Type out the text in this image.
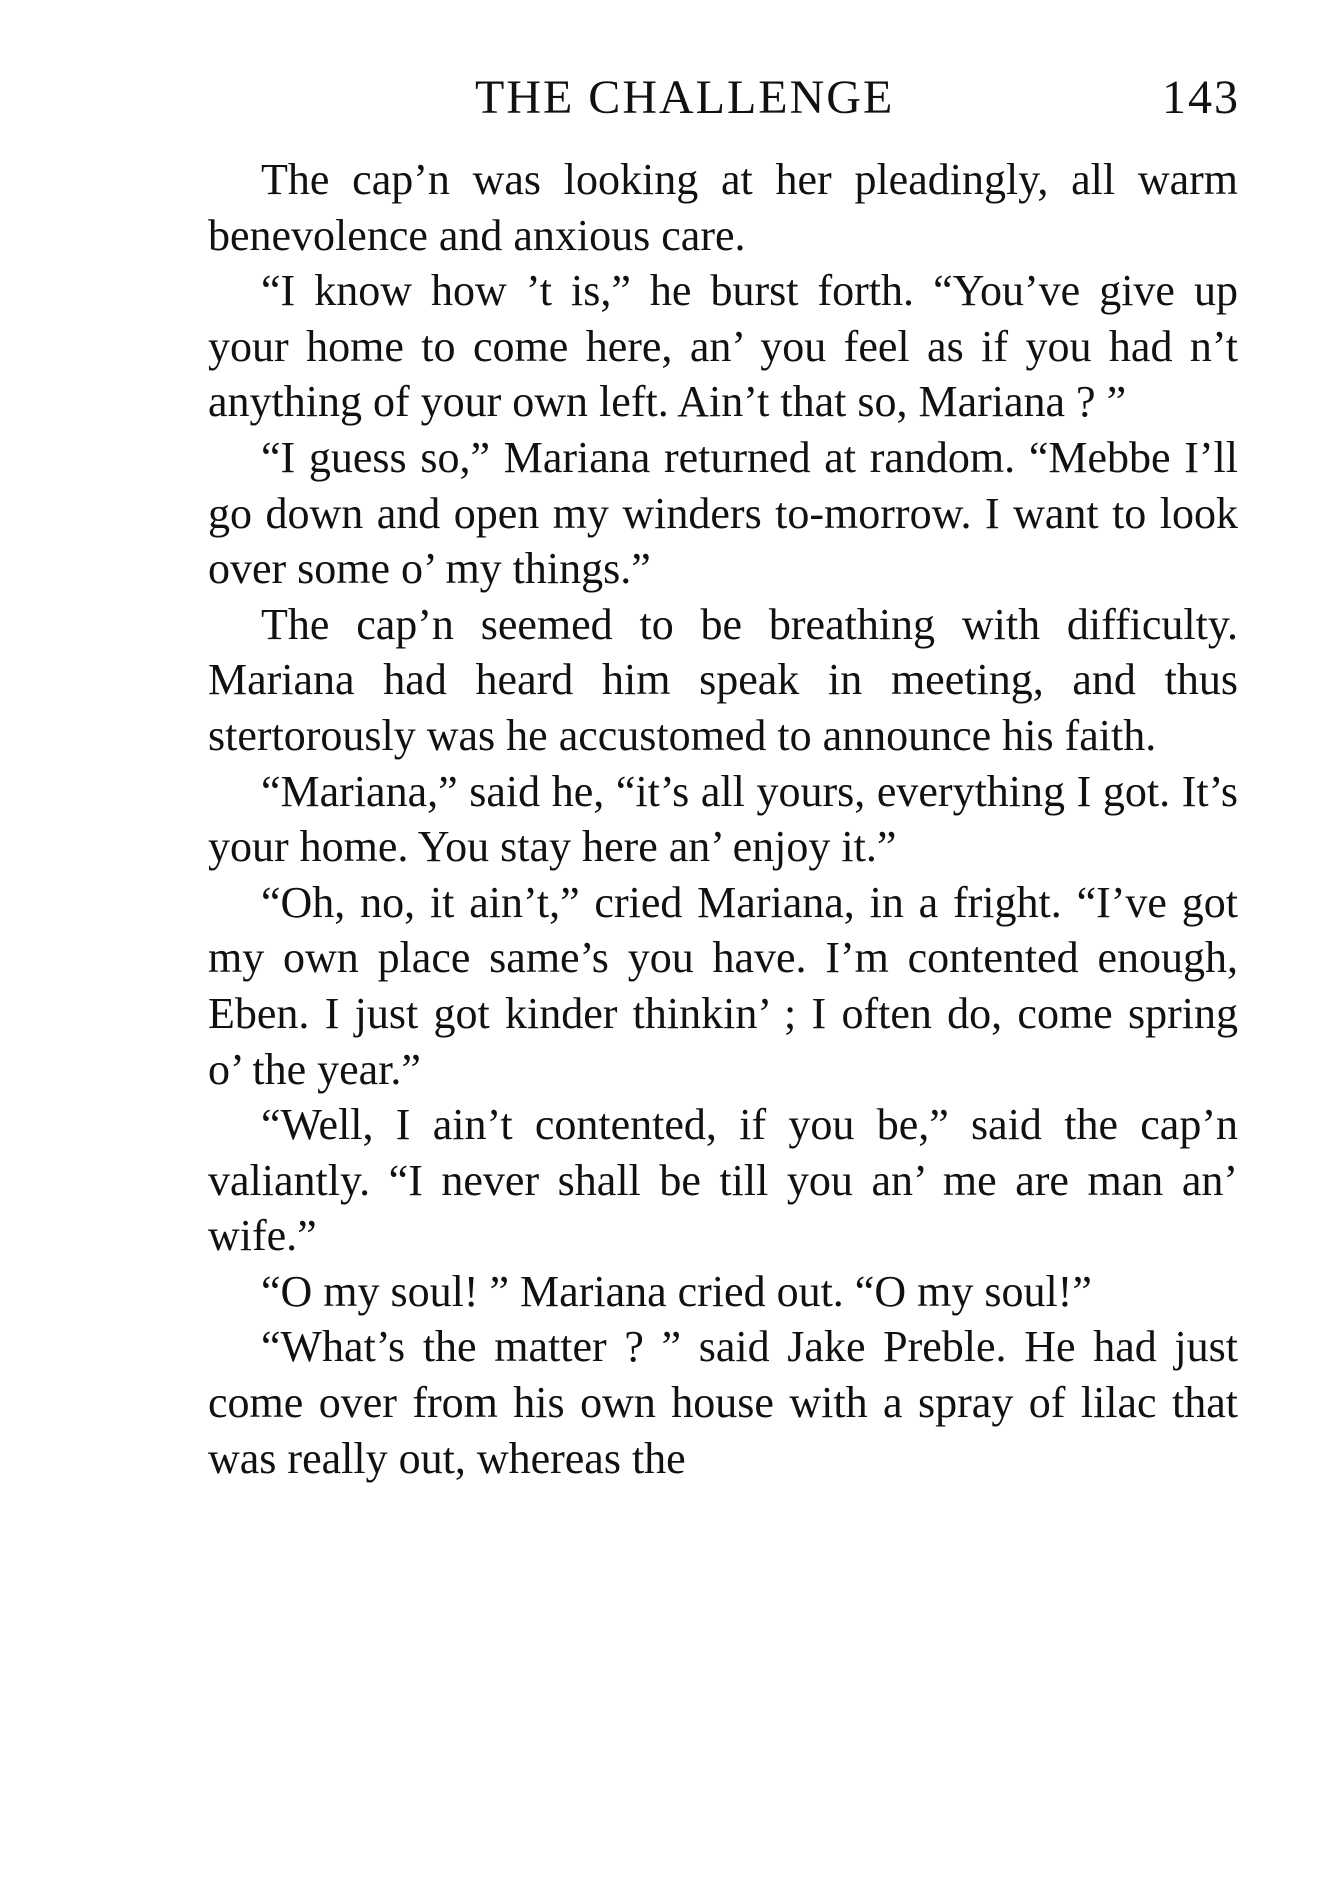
THE CHALLENGE	143

The cap’n was looking at her pleadingly, all warm benevolence and anxious care.

“I know how ’t is,” he burst forth. “You’ve give up your home to come here, an’ you feel as if you had n’t anything of your own left. Ain’t that so, Mariana ? ”

“I guess so,” Mariana returned at random. “Mebbe I’ll go down and open my winders to-morrow. I want to look over some o’ my things.”

The cap’n seemed to be breathing with difficulty. Mariana had heard him speak in meeting, and thus stertorously was he accustomed to announce his faith.

“Mariana,” said he, “it’s all yours, everything I got. It’s your home. You stay here an’ enjoy it.”

“Oh, no, it ain’t,” cried Mariana, in a fright. “I’ve got my own place same’s you have. I’m contented enough, Eben. I just got kinder thinkin’ ; I often do, come spring o’ the year.”

“Well, I ain’t contented, if you be,” said the cap’n valiantly. “I never shall be till you an’ me are man an’ wife.”

“O my soul! ” Mariana cried out. “O my soul!”

“What’s the matter ? ” said Jake Preble. He had just come over from his own house with a spray of lilac that was really out, whereas the
